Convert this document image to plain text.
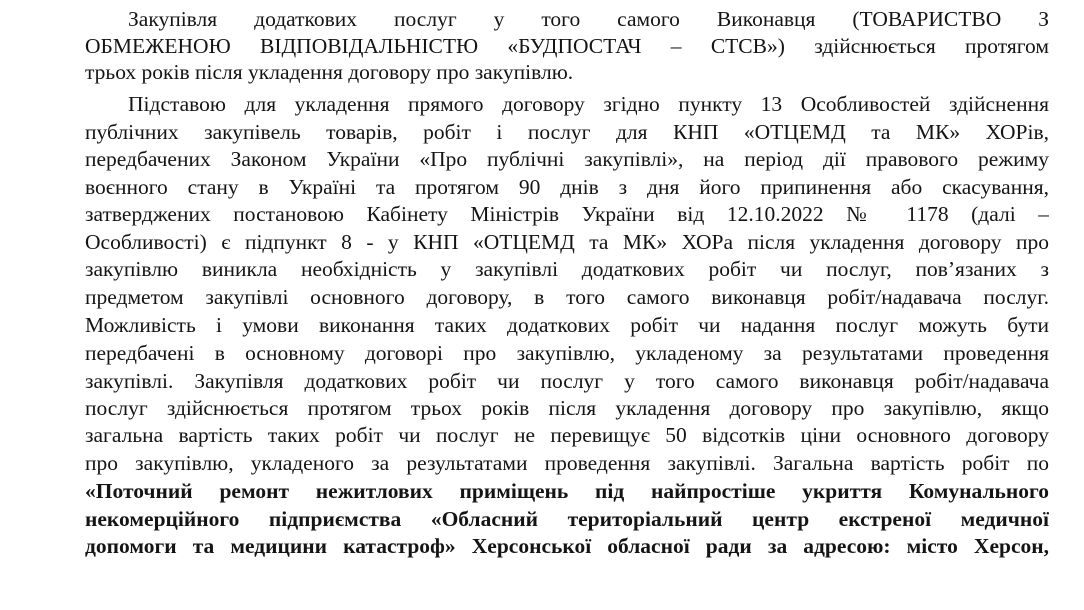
Закупівля додаткових послуг у того самого Виконавця (ТОВАРИСТВО З
ОБМЕЖЕНОЮ ВІДПОВІДАЛЬНІСТЮ «БУДПОСТАЧ – СТСВ») здійснюється протягом
трьох років після укладення договору про закупівлю.
Підставою для укладення прямого договору згідно пункту 13 Особливостей здійснення
публічних закупівель товарів, робіт і послуг для КНП «ОТЦЕМД та МК» ХОРів,
передбачених Законом України «Про публічні закупівлі», на період дії правового режиму
воєнного стану в Україні та протягом 90 днів з дня його припинення або скасування,
затверджених постановою Кабінету Міністрів України від 12.10.2022 № 1178 (далі –
Особливості) є підпункт 8 - у КНП «ОТЦЕМД та МК» ХОРа після укладення договору про
закупівлю виникла необхідність у закупівлі додаткових робіт чи послуг, пов’язаних з
предметом закупівлі основного договору, в того самого виконавця робіт/надавача послуг.
Можливість і умови виконання таких додаткових робіт чи надання послуг можуть бути
передбачені в основному договорі про закупівлю, укладеному за результатами проведення
закупівлі. Закупівля додаткових робіт чи послуг у того самого виконавця робіт/надавача
послуг здійснюється протягом трьох років після укладення договору про закупівлю, якщо
загальна вартість таких робіт чи послуг не перевищує 50 відсотків ціни основного договору
про закупівлю, укладеного за результатами проведення закупівлі. Загальна вартість робіт по
«Поточний ремонт нежитлових приміщень під найпростіше укриття Комунального
некомерційного підприємства «Обласний територіальний центр екстреної медичної
допомоги та медицини катастроф» Херсонської обласної ради за адресою: місто Херсон,
